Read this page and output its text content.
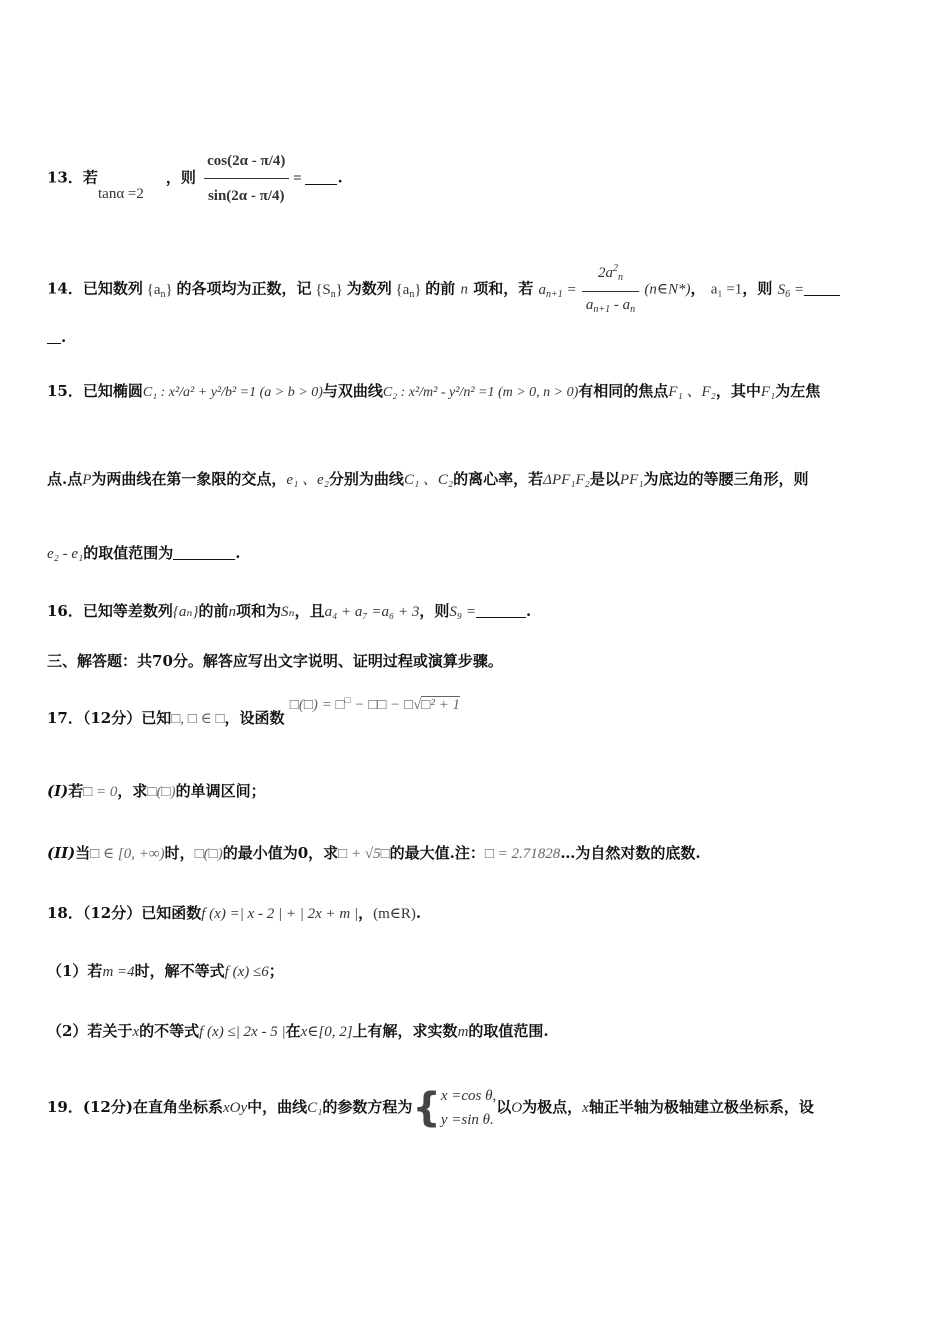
13．若	，则 $\frac{\cos(2\alpha - \pi/4)}{\sin(2\alpha - \pi/4)}$ = .
tanα =2
14．已知数列 $\{a_n\}$ 的各项均为正数，记 $\{S_n\}$ 为数列 $\{a_n\}$ 的前 n 项和，若 $a_{n+1} = \frac{2a^2_n}{a_{n+1} - a_n}$ (n∈N*)， a₁ =1，则 $S_6$ =
.
15．已知椭圆C₁ : x²/a² + y²/b² =1 (a > b > 0)与双曲线C₂ : x²/m² - y²/n² =1 (m > 0, n > 0)有相同的焦点F₁ 、F₂，其中F₁为左焦
点.点P为两曲线在第一象限的交点，e₁ 、e₂分别为曲线C₁ 、C₂的离心率，若ΔPF₁F₂是以PF₁为底边的等腰三角形，则
e₂ - e₁的取值范围为	.
16．已知等差数列{aₙ}的前n项和为Sₙ，且a₄ + a₇ =a₆ + 3，则S₉ =	.
三、解答题：共70分。解答应写出文字说明、证明过程或演算步骤。
17．（12分）已知□, □ ∈ □，设函数 □(□) = □□ − □□ − □√□² + 1
(I)若□ = 0，求□(□)的单调区间；
(II)当□ ∈ [0, +∞)时，□(□)的最小值为0，求□ + √5□的最大值.注：□ = 2.71828…为自然对数的底数.
18．（12分）已知函数f (x) =| x - 2 | + | 2x + m |，(m∈R).
（1）若m =4时，解不等式f (x) ≤6；
（2）若关于x的不等式f (x) ≤| 2x - 5 |在x∈[0, 2]上有解，求实数m的取值范围.
19．(12分)在直角坐标系xOy中，曲线C₁的参数方程为{ x =cos θ,
y =sin θ.
以O为极点，x轴正半轴为极轴建立极坐标系，设
